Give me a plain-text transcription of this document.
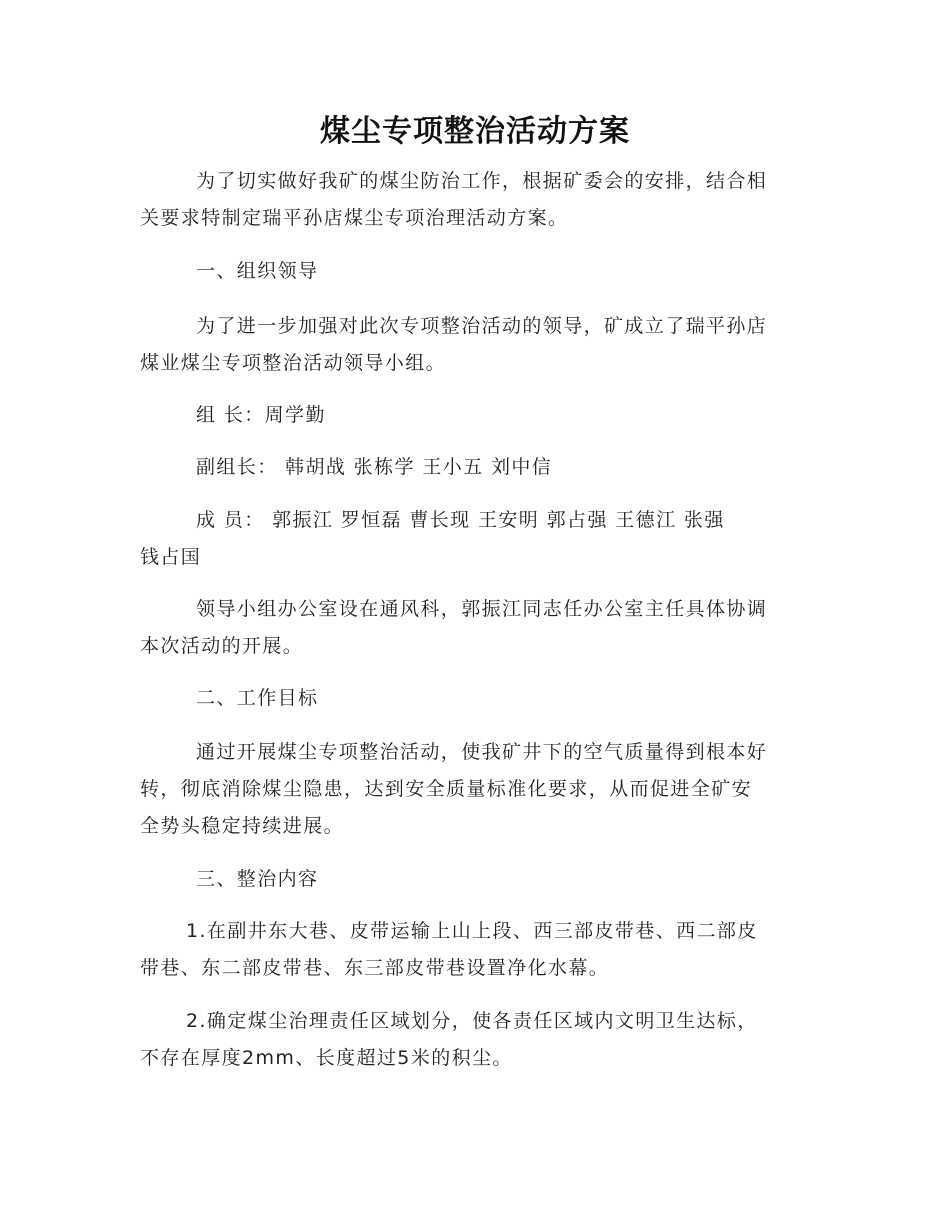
煤尘专项整治活动方案
为了切实做好我矿的煤尘防治工作，根据矿委会的安排，结合相
关要求特制定瑞平孙店煤尘专项治理活动方案。
一、组织领导
为了进一步加强对此次专项整治活动的领导，矿成立了瑞平孙店
煤业煤尘专项整治活动领导小组。
组 长：周学勤
副组长： 韩胡战 张栋学 王小五 刘中信
成 员： 郭振江 罗恒磊 曹长现 王安明 郭占强 王德江 张强
钱占国
领导小组办公室设在通风科，郭振江同志任办公室主任具体协调
本次活动的开展。
二、工作目标
通过开展煤尘专项整治活动，使我矿井下的空气质量得到根本好
转，彻底消除煤尘隐患，达到安全质量标准化要求，从而促进全矿安
全势头稳定持续进展。
三、整治内容
1.在副井东大巷、皮带运输上山上段、西三部皮带巷、西二部皮
带巷、东二部皮带巷、东三部皮带巷设置净化水幕。
2.确定煤尘治理责任区域划分，使各责任区域内文明卫生达标，
不存在厚度2mm、长度超过5米的积尘。
